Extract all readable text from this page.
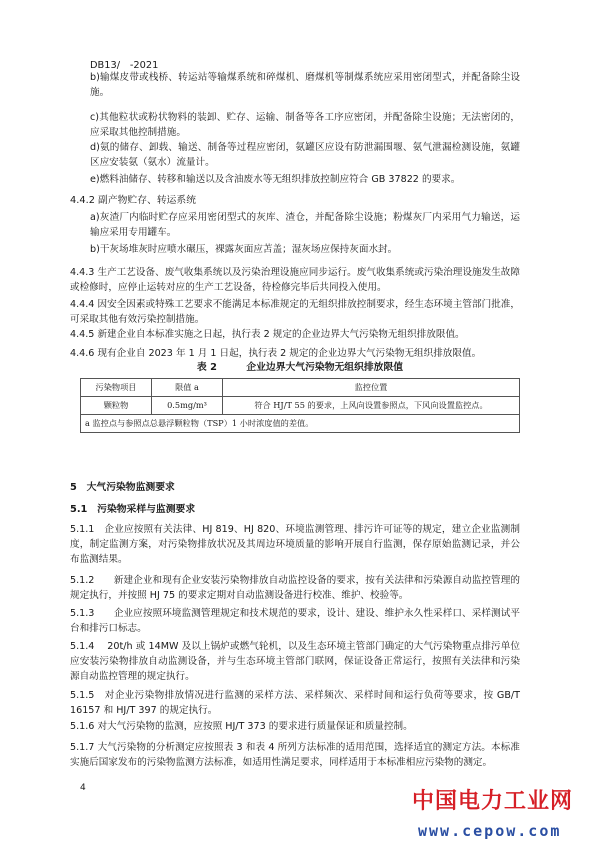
DB13/　-2021

b)输煤皮带或栈桥、转运站等输煤系统和碎煤机、磨煤机等制煤系统应采用密闭型式，并配备除尘设施。

c)其他粒状或粉状物料的装卸、贮存、运输、制备等各工序应密闭，并配备除尘设施；无法密闭的，应采取其他控制措施。

d)氨的储存、卸载、输送、制备等过程应密闭，氨罐区应设有防泄漏围堰、氨气泄漏检测设施，氨罐区应安装氨（氨水）流量计。

e)燃料油储存、转移和输送以及含油废水等无组织排放控制应符合 GB 37822 的要求。

4.4.2 副产物贮存、转运系统

a)灰渣厂内临时贮存应采用密闭型式的灰库、渣仓，并配备除尘设施；粉煤灰厂内采用气力输送，运输应采用专用罐车。

b)干灰场堆灰时应喷水碾压，裸露灰面应苫盖；湿灰场应保持灰面水封。

4.4.3 生产工艺设备、废气收集系统以及污染治理设施应同步运行。废气收集系统或污染治理设施发生故障或检修时，应停止运转对应的生产工艺设备，待检修完毕后共同投入使用。

4.4.4 因安全因素或特殊工艺要求不能满足本标准规定的无组织排放控制要求，经生态环境主管部门批准，可采取其他有效污染控制措施。

4.4.5 新建企业自本标准实施之日起，执行表 2 规定的企业边界大气污染物无组织排放限值。

4.4.6 现有企业自 2023 年 1 月 1 日起，执行表 2 规定的企业边界大气污染物无组织排放限值。

表 2　　　企业边界大气污染物无组织排放限值
污染物项目	限值 a	监控位置
颗粒物	0.5mg/m³	符合 HJ/T 55 的要求，上风向设置参照点，下风向设置监控点。
a 监控点与参照点总悬浮颗粒物（TSP）1 小时浓度值的差值。		

5　大气污染物监测要求

5.1　污染物采样与监测要求

5.1.1　企业应按照有关法律、HJ 819、HJ 820、环境监测管理、排污许可证等的规定，建立企业监测制度，制定监测方案，对污染物排放状况及其周边环境质量的影响开展自行监测，保存原始监测记录，并公布监测结果。

5.1.2　　新建企业和现有企业安装污染物排放自动监控设备的要求，按有关法律和污染源自动监控管理的规定执行，并按照 HJ 75 的要求定期对自动监测设备进行校准、维护、校验等。

5.1.3　　企业应按照环境监测管理规定和技术规范的要求，设计、建设、维护永久性采样口、采样测试平台和排污口标志。

5.1.4　 20t/h 或 14MW 及以上锅炉或燃气轮机，以及生态环境主管部门确定的大气污染物重点排污单位应安装污染物排放自动监测设备，并与生态环境主管部门联网，保证设备正常运行，按照有关法律和污染源自动监控管理的规定执行。

5.1.5　对企业污染物排放情况进行监测的采样方法、采样频次、采样时间和运行负荷等要求，按 GB/T 16157 和 HJ/T 397 的规定执行。

5.1.6 对大气污染物的监测，应按照 HJ/T 373 的要求进行质量保证和质量控制。

5.1.7 大气污染物的分析测定应按照表 3 和表 4 所列方法标准的适用范围，选择适宜的测定方法。本标准实施后国家发布的污染物监测方法标准，如适用性满足要求，同样适用于本标准相应污染物的测定。

4
中国电力工业网
www.cepow.com
